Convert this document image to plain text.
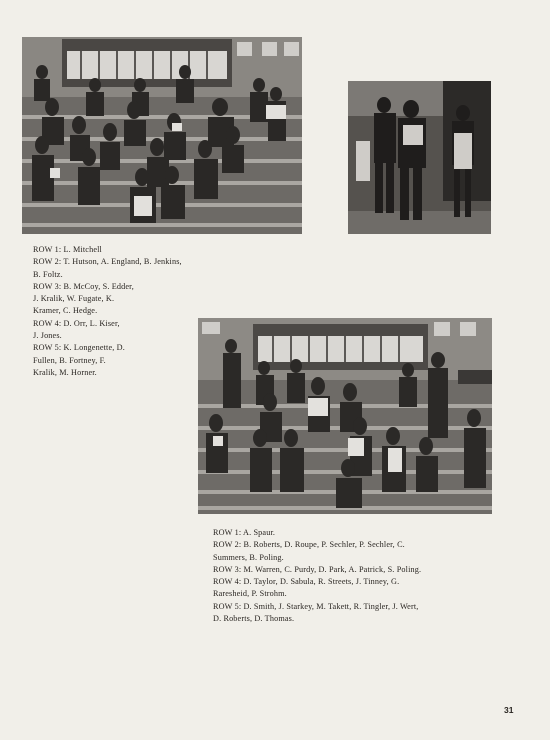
ROW 1: L. Mitchell
ROW 2: T. Hutson, A. England, B. Jenkins,
B. Foltz.
ROW 3: B. McCoy, S. Edder,
J. Kralik, W. Fugate, K.
Kramer, C. Hedge.
ROW 4: D. Orr, L. Kiser,
J. Jones.
ROW 5: K. Longenette, D.
Fullen, B. Fortney, F.
Kralik, M. Horner.
ROW 1: A. Spaur.
ROW 2: B. Roberts, D. Roupe, P. Sechler, P. Sechler, C.
Summers, B. Poling.
ROW 3: M. Warren, C. Purdy, D. Park, A. Patrick, S. Poling.
ROW 4: D. Taylor, D. Sabula, R. Streets, J. Tinney, G.
Raresheid, P. Strohm.
ROW 5: D. Smith, J. Starkey, M. Takett, R. Tingler, J. Wert,
D. Roberts, D. Thomas.
31
